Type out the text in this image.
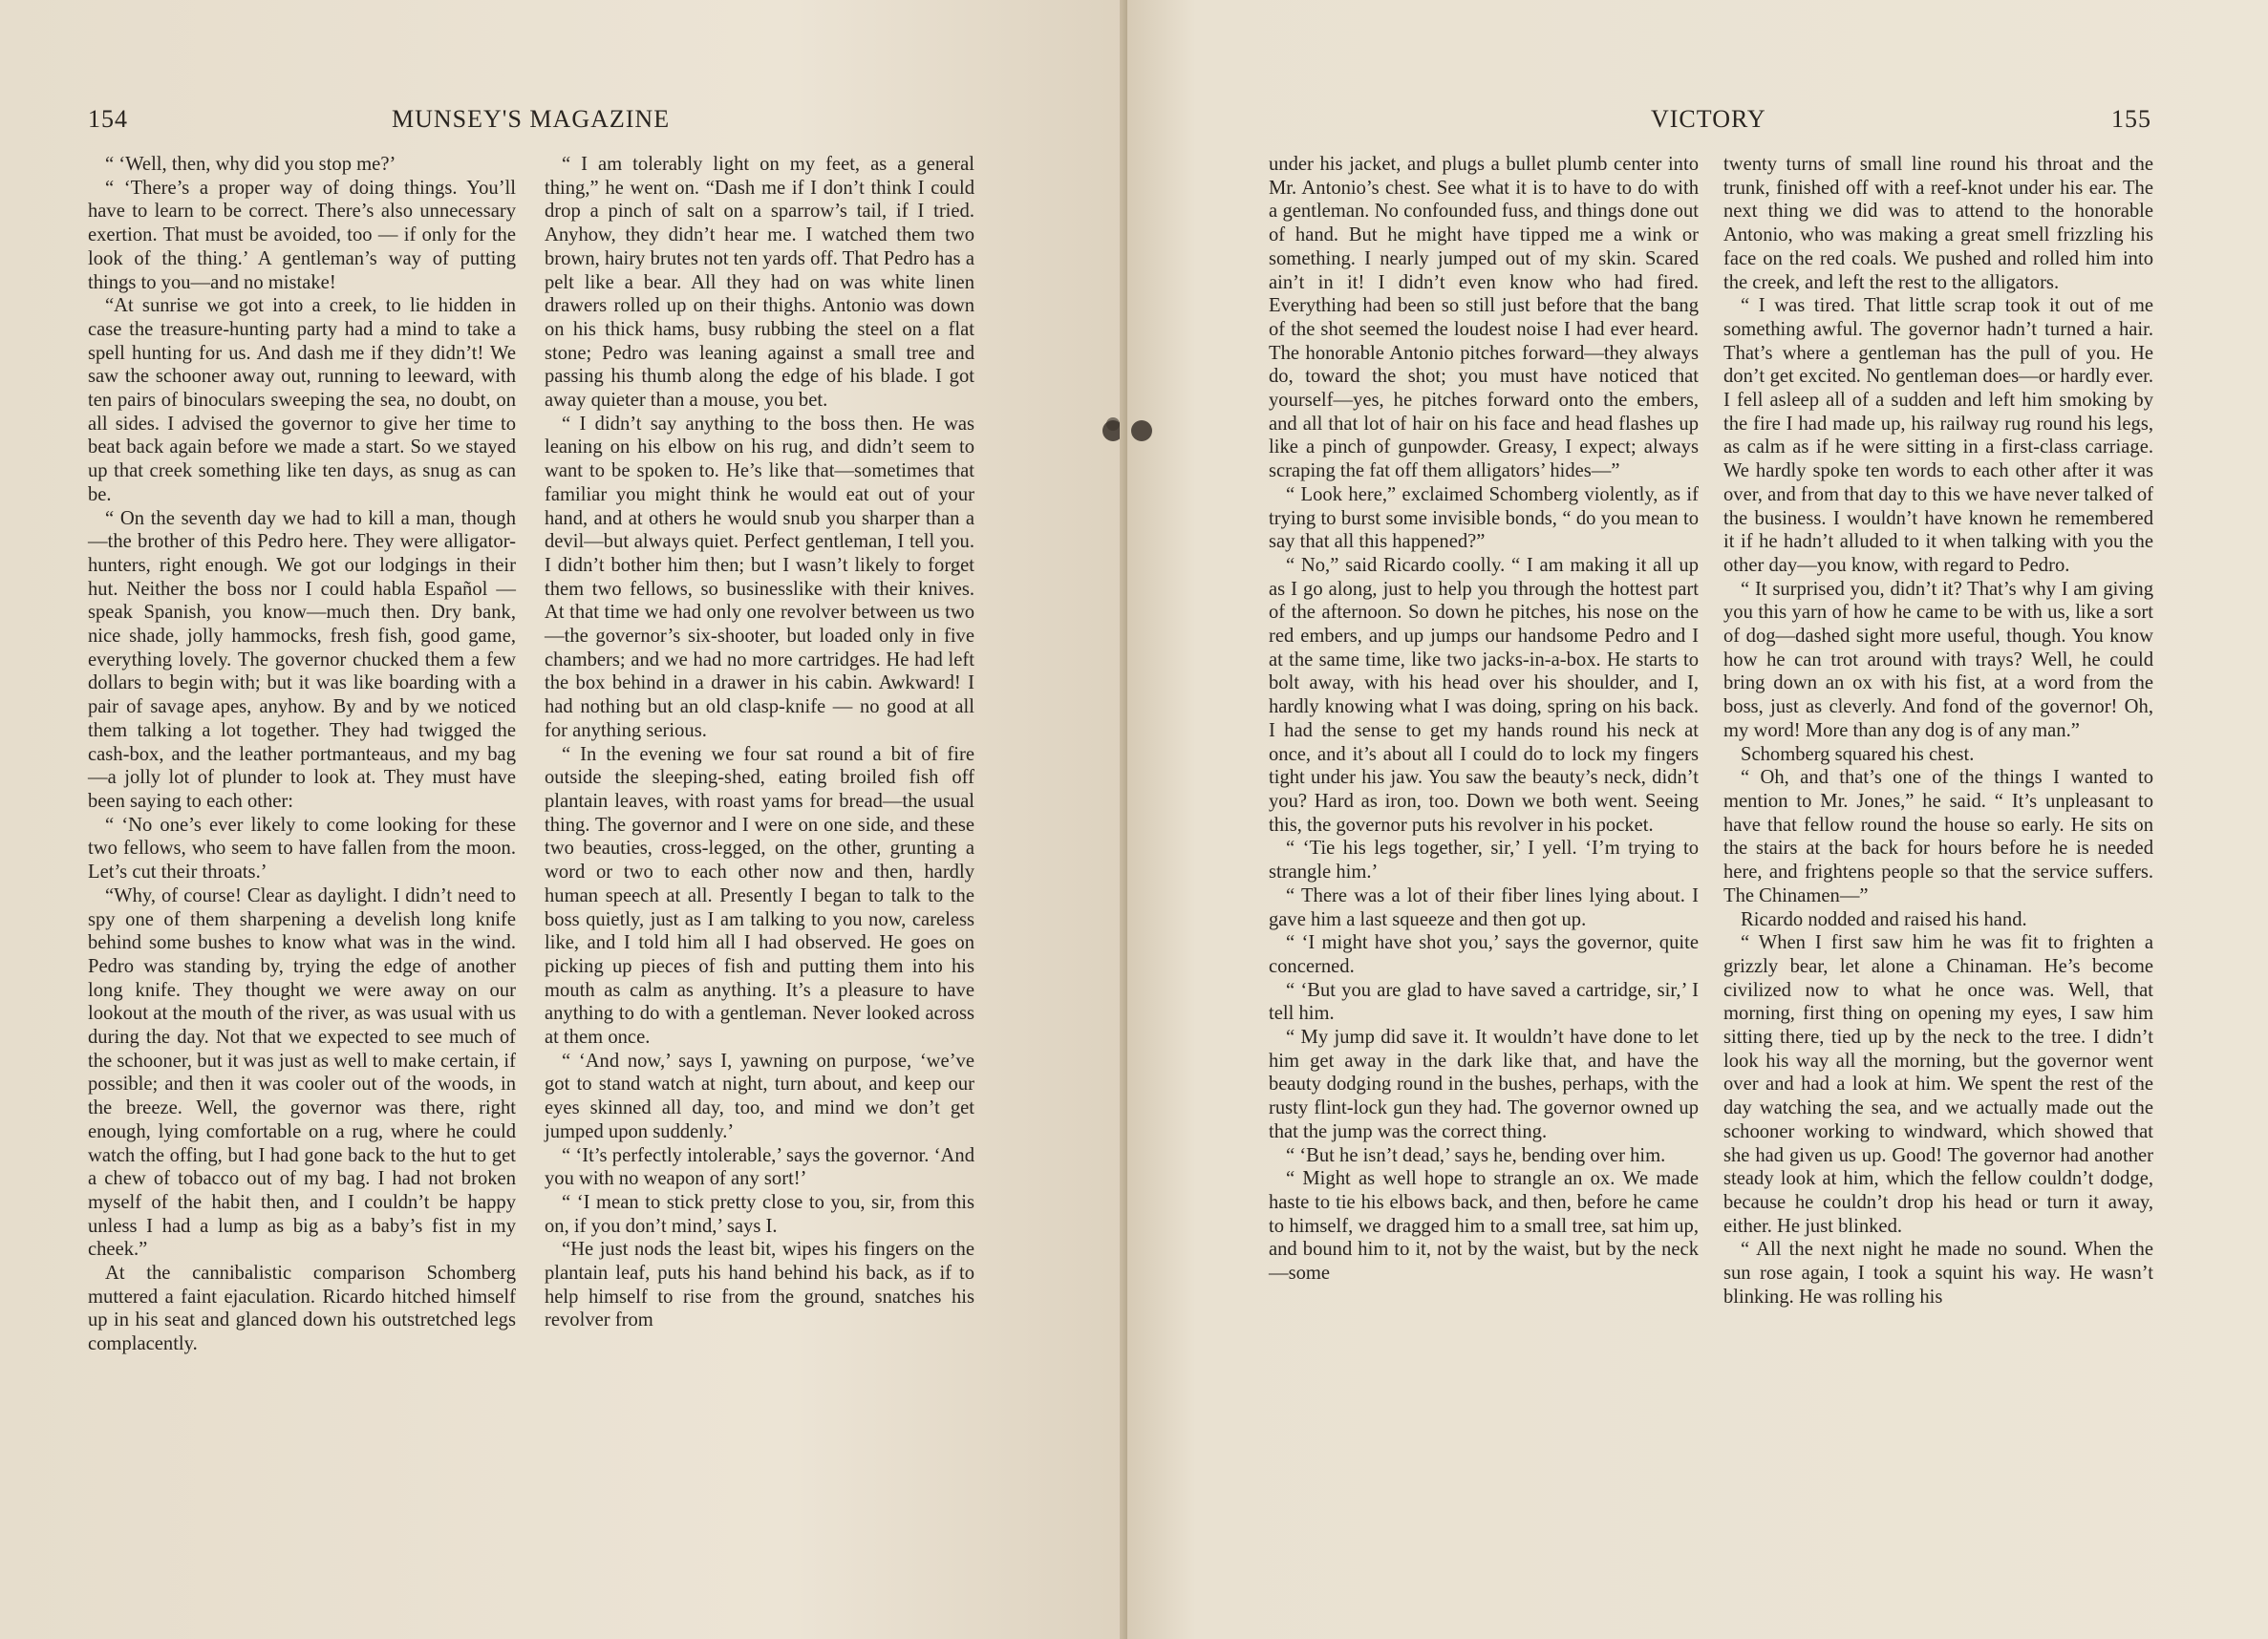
154	MUNSEY'S MAGAZINE

“ ‘Well, then, why did you stop me?’

“ ‘There’s a proper way of doing things. You’ll have to learn to be correct. There’s also unnecessary exertion. That must be avoided, too — if only for the look of the thing.’ A gentleman’s way of putting things to you—and no mistake!

“At sunrise we got into a creek, to lie hidden in case the treasure-hunting party had a mind to take a spell hunting for us. And dash me if they didn’t! We saw the schooner away out, running to leeward, with ten pairs of binoculars sweeping the sea, no doubt, on all sides. I advised the governor to give her time to beat back again before we made a start. So we stayed up that creek something like ten days, as snug as can be.

“ On the seventh day we had to kill a man, though—the brother of this Pedro here. They were alligator-hunters, right enough. We got our lodgings in their hut. Neither the boss nor I could habla Español — speak Spanish, you know—much then. Dry bank, nice shade, jolly hammocks, fresh fish, good game, everything lovely. The governor chucked them a few dollars to begin with; but it was like boarding with a pair of savage apes, anyhow. By and by we noticed them talking a lot together. They had twigged the cash-box, and the leather portmanteaus, and my bag—a jolly lot of plunder to look at. They must have been saying to each other:

“ ‘No one’s ever likely to come looking for these two fellows, who seem to have fallen from the moon. Let’s cut their throats.’

“Why, of course! Clear as daylight. I didn’t need to spy one of them sharpening a develish long knife behind some bushes to know what was in the wind. Pedro was standing by, trying the edge of another long knife. They thought we were away on our lookout at the mouth of the river, as was usual with us during the day. Not that we expected to see much of the schooner, but it was just as well to make certain, if possible; and then it was cooler out of the woods, in the breeze. Well, the governor was there, right enough, lying comfortable on a rug, where he could watch the offing, but I had gone back to the hut to get a chew of tobacco out of my bag. I had not broken myself of the habit then, and I couldn’t be happy unless I had a lump as big as a baby’s fist in my cheek.”

At the cannibalistic comparison Schomberg muttered a faint ejaculation. Ricardo hitched himself up in his seat and glanced down his outstretched legs complacently.

“ I am tolerably light on my feet, as a general thing,” he went on. “Dash me if I don’t think I could drop a pinch of salt on a sparrow’s tail, if I tried. Anyhow, they didn’t hear me. I watched them two brown, hairy brutes not ten yards off. That Pedro has a pelt like a bear. All they had on was white linen drawers rolled up on their thighs. Antonio was down on his thick hams, busy rubbing the steel on a flat stone; Pedro was leaning against a small tree and passing his thumb along the edge of his blade. I got away quieter than a mouse, you bet.

“ I didn’t say anything to the boss then. He was leaning on his elbow on his rug, and didn’t seem to want to be spoken to. He’s like that—sometimes that familiar you might think he would eat out of your hand, and at others he would snub you sharper than a devil—but always quiet. Perfect gentleman, I tell you. I didn’t bother him then; but I wasn’t likely to forget them two fellows, so businesslike with their knives. At that time we had only one revolver between us two—the governor’s six-shooter, but loaded only in five chambers; and we had no more cartridges. He had left the box behind in a drawer in his cabin. Awkward! I had nothing but an old clasp-knife — no good at all for anything serious.

“ In the evening we four sat round a bit of fire outside the sleeping-shed, eating broiled fish off plantain leaves, with roast yams for bread—the usual thing. The governor and I were on one side, and these two beauties, cross-legged, on the other, grunting a word or two to each other now and then, hardly human speech at all. Presently I began to talk to the boss quietly, just as I am talking to you now, careless like, and I told him all I had observed. He goes on picking up pieces of fish and putting them into his mouth as calm as anything. It’s a pleasure to have anything to do with a gentleman. Never looked across at them once.

“ ‘And now,’ says I, yawning on purpose, ‘we’ve got to stand watch at night, turn about, and keep our eyes skinned all day, too, and mind we don’t get jumped upon suddenly.’

“ ‘It’s perfectly intolerable,’ says the governor. ‘And you with no weapon of any sort!’

“ ‘I mean to stick pretty close to you, sir, from this on, if you don’t mind,’ says I.

“He just nods the least bit, wipes his fingers on the plantain leaf, puts his hand behind his back, as if to help himself to rise from the ground, snatches his revolver from

VICTORY	155

under his jacket, and plugs a bullet plumb center into Mr. Antonio’s chest. See what it is to have to do with a gentleman. No confounded fuss, and things done out of hand. But he might have tipped me a wink or something. I nearly jumped out of my skin. Scared ain’t in it! I didn’t even know who had fired. Everything had been so still just before that the bang of the shot seemed the loudest noise I had ever heard. The honorable Antonio pitches forward—they always do, toward the shot; you must have noticed that yourself—yes, he pitches forward onto the embers, and all that lot of hair on his face and head flashes up like a pinch of gunpowder. Greasy, I expect; always scraping the fat off them alligators’ hides—”

“ Look here,” exclaimed Schomberg violently, as if trying to burst some invisible bonds, “ do you mean to say that all this happened?”

“ No,” said Ricardo coolly. “ I am making it all up as I go along, just to help you through the hottest part of the afternoon. So down he pitches, his nose on the red embers, and up jumps our handsome Pedro and I at the same time, like two jacks-in-a-box. He starts to bolt away, with his head over his shoulder, and I, hardly knowing what I was doing, spring on his back. I had the sense to get my hands round his neck at once, and it’s about all I could do to lock my fingers tight under his jaw. You saw the beauty’s neck, didn’t you? Hard as iron, too. Down we both went. Seeing this, the governor puts his revolver in his pocket.

“ ‘Tie his legs together, sir,’ I yell. ‘I’m trying to strangle him.’

“ There was a lot of their fiber lines lying about. I gave him a last squeeze and then got up.

“ ‘I might have shot you,’ says the governor, quite concerned.

“ ‘But you are glad to have saved a cartridge, sir,’ I tell him.

“ My jump did save it. It wouldn’t have done to let him get away in the dark like that, and have the beauty dodging round in the bushes, perhaps, with the rusty flint-lock gun they had. The governor owned up that the jump was the correct thing.

“ ‘But he isn’t dead,’ says he, bending over him.

“ Might as well hope to strangle an ox. We made haste to tie his elbows back, and then, before he came to himself, we dragged him to a small tree, sat him up, and bound him to it, not by the waist, but by the neck—some

twenty turns of small line round his throat and the trunk, finished off with a reef-knot under his ear. The next thing we did was to attend to the honorable Antonio, who was making a great smell frizzling his face on the red coals. We pushed and rolled him into the creek, and left the rest to the alligators.

“ I was tired. That little scrap took it out of me something awful. The governor hadn’t turned a hair. That’s where a gentleman has the pull of you. He don’t get excited. No gentleman does—or hardly ever. I fell asleep all of a sudden and left him smoking by the fire I had made up, his railway rug round his legs, as calm as if he were sitting in a first-class carriage. We hardly spoke ten words to each other after it was over, and from that day to this we have never talked of the business. I wouldn’t have known he remembered it if he hadn’t alluded to it when talking with you the other day—you know, with regard to Pedro.

“ It surprised you, didn’t it? That’s why I am giving you this yarn of how he came to be with us, like a sort of dog—dashed sight more useful, though. You know how he can trot around with trays? Well, he could bring down an ox with his fist, at a word from the boss, just as cleverly. And fond of the governor! Oh, my word! More than any dog is of any man.”

Schomberg squared his chest.

“ Oh, and that’s one of the things I wanted to mention to Mr. Jones,” he said. “ It’s unpleasant to have that fellow round the house so early. He sits on the stairs at the back for hours before he is needed here, and frightens people so that the service suffers. The Chinamen—”

Ricardo nodded and raised his hand.

“ When I first saw him he was fit to frighten a grizzly bear, let alone a Chinaman. He’s become civilized now to what he once was. Well, that morning, first thing on opening my eyes, I saw him sitting there, tied up by the neck to the tree. I didn’t look his way all the morning, but the governor went over and had a look at him. We spent the rest of the day watching the sea, and we actually made out the schooner working to windward, which showed that she had given us up. Good! The governor had another steady look at him, which the fellow couldn’t dodge, because he couldn’t drop his head or turn it away, either. He just blinked.

“ All the next night he made no sound. When the sun rose again, I took a squint his way. He wasn’t blinking. He was rolling his
